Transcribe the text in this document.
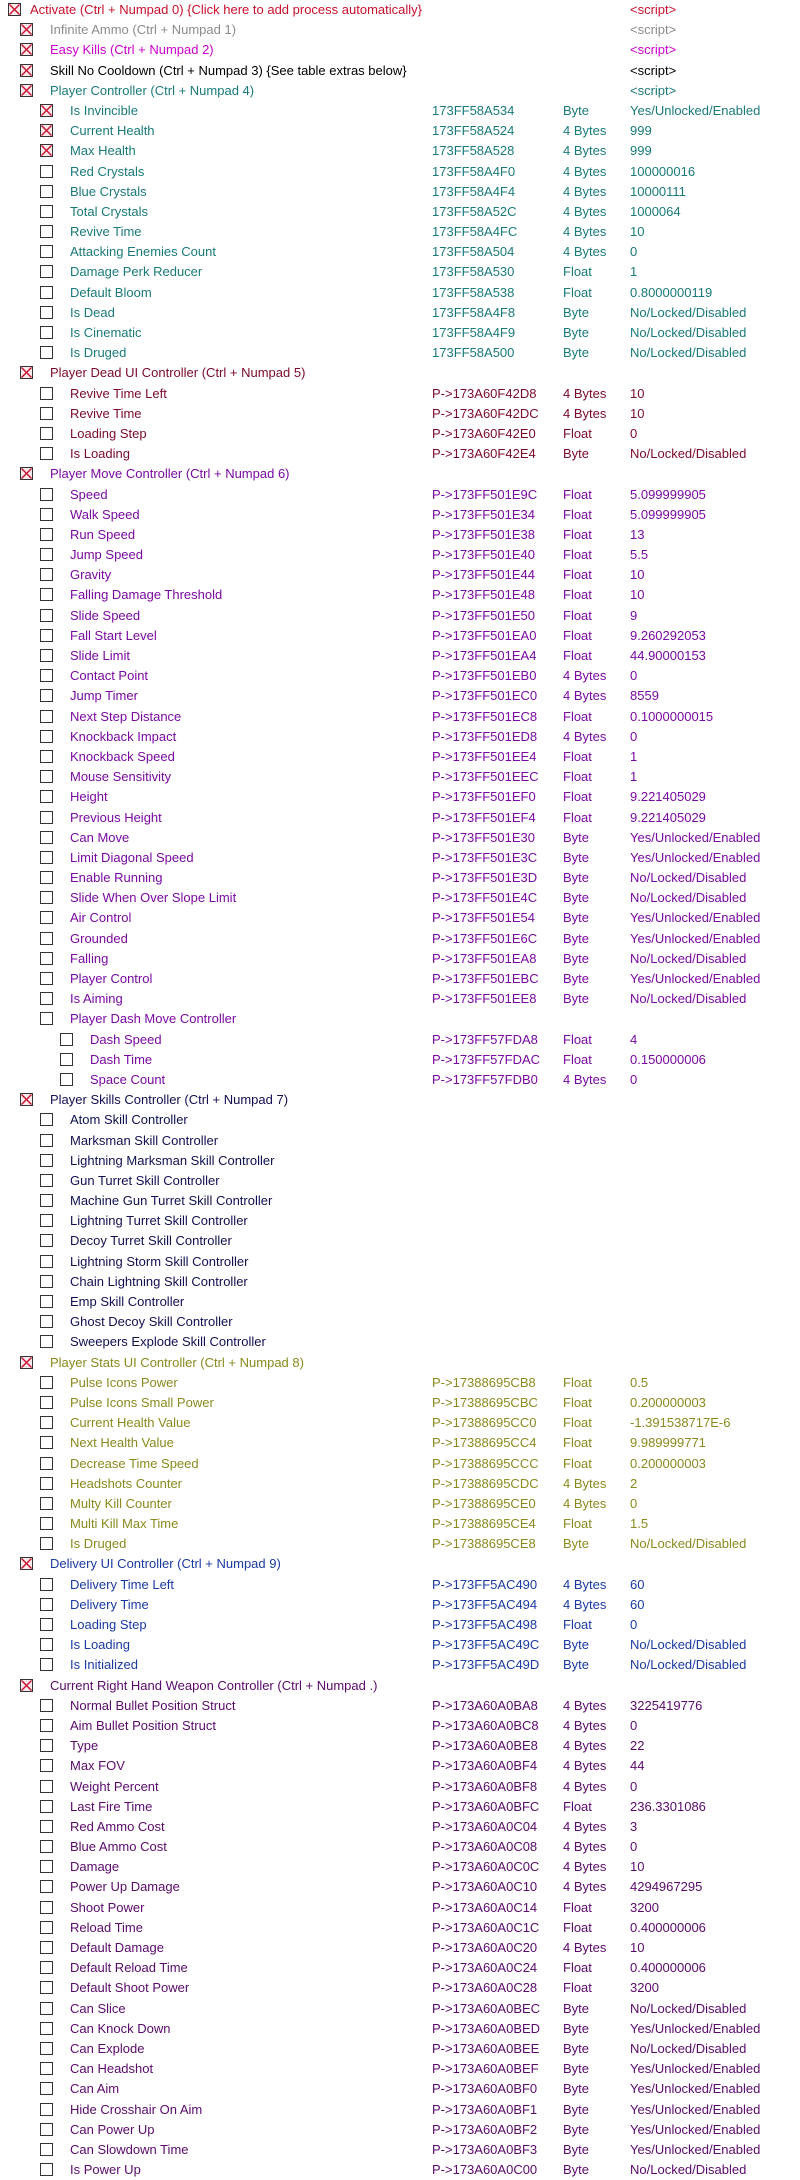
Activate (Ctrl + Numpad 0) {Click here to add process automatically}	<script>
Infinite Ammo (Ctrl + Numpad 1)	<script>
Easy Kills (Ctrl + Numpad 2)	<script>
Skill No Cooldown (Ctrl + Numpad 3) {See table extras below}	<script>
Player Controller (Ctrl + Numpad 4)	<script>
Is Invincible	173FF58A534	Byte	Yes/Unlocked/Enabled
Current Health	173FF58A524	4 Bytes 999
Max Health	173FF58A528	4 Bytes 999
Red Crystals	173FF58A4F0	4 Bytes 100000016
Blue Crystals	173FF58A4F4	4 Bytes 10000111
Total Crystals	173FF58A52C	4 Bytes 1000064
Revive Time	173FF58A4FC	4 Bytes 10
Attacking Enemies Count	173FF58A504	4 Bytes 0
Damage Perk Reducer	173FF58A530	Float	1
Default Bloom	173FF58A538	Float	0.8000000119
Is Dead	173FF58A4F8	Byte	No/Locked/Disabled
Is Cinematic	173FF58A4F9	Byte	No/Locked/Disabled
Is Druged	173FF58A500	Byte	No/Locked/Disabled
Player Dead UI Controller (Ctrl + Numpad 5)
Revive Time Left	P->173A60F42D8 4 Bytes 10
Revive Time	P->173A60F42DC 4 Bytes 10
Loading Step	P->173A60F42E0 Float	0
Is Loading	P->173A60F42E4 Byte	No/Locked/Disabled
Player Move Controller (Ctrl + Numpad 6)
Speed	P->173FF501E9C Float	5.099999905
Walk Speed	P->173FF501E34 Float	5.099999905
Run Speed	P->173FF501E38 Float	13
Jump Speed	P->173FF501E40 Float	5.5
Gravity	P->173FF501E44 Float	10
Falling Damage Threshold	P->173FF501E48 Float	10
Slide Speed	P->173FF501E50 Float	9
Fall Start Level	P->173FF501EA0 Float	9.260292053
Slide Limit	P->173FF501EA4 Float	44.90000153
Contact Point	P->173FF501EB0 4 Bytes 0
Jump Timer	P->173FF501EC0 4 Bytes 8559
Next Step Distance	P->173FF501EC8 Float	0.1000000015
Knockback Impact	P->173FF501ED8 4 Bytes 0
Knockback Speed	P->173FF501EE4 Float	1
Mouse Sensitivity	P->173FF501EEC Float	1
Height	P->173FF501EF0 Float	9.221405029
Previous Height	P->173FF501EF4 Float	9.221405029
Can Move	P->173FF501E30 Byte	Yes/Unlocked/Enabled
Limit Diagonal Speed	P->173FF501E3C Byte	Yes/Unlocked/Enabled
Enable Running	P->173FF501E3D Byte	No/Locked/Disabled
Slide When Over Slope Limit	P->173FF501E4C Byte	No/Locked/Disabled
Air Control	P->173FF501E54 Byte	Yes/Unlocked/Enabled
Grounded	P->173FF501E6C Byte	Yes/Unlocked/Enabled
Falling	P->173FF501EA8 Byte	No/Locked/Disabled
Player Control	P->173FF501EBC Byte	Yes/Unlocked/Enabled
Is Aiming	P->173FF501EE8 Byte	No/Locked/Disabled
Player Dash Move Controller
Dash Speed	P->173FF57FDA8 Float	4
Dash Time	P->173FF57FDAC Float	0.150000006
Space Count	P->173FF57FDB0 4 Bytes 0
Player Skills Controller (Ctrl + Numpad 7)
Atom Skill Controller
Marksman Skill Controller
Lightning Marksman Skill Controller
Gun Turret Skill Controller
Machine Gun Turret Skill Controller
Lightning Turret Skill Controller
Decoy Turret Skill Controller
Lightning Storm Skill Controller
Chain Lightning Skill Controller
Emp Skill Controller
Ghost Decoy Skill Controller
Sweepers Explode Skill Controller
Player Stats UI Controller (Ctrl + Numpad 8)
Pulse Icons Power	P->17388695CB8 Float	0.5
Pulse Icons Small Power	P->17388695CBC Float	0.200000003
Current Health Value	P->17388695CC0 Float	-1.391538717E-6
Next Health Value	P->17388695CC4 Float	9.989999771
Decrease Time Speed	P->17388695CCC Float	0.200000003
Headshots Counter	P->17388695CDC 4 Bytes 2
Multy Kill Counter	P->17388695CE0 4 Bytes 0
Multi Kill Max Time	P->17388695CE4 Float	1.5
Is Druged	P->17388695CE8 Byte	No/Locked/Disabled
Delivery UI Controller (Ctrl + Numpad 9)
Delivery Time Left	P->173FF5AC490 4 Bytes 60
Delivery Time	P->173FF5AC494 4 Bytes 60
Loading Step	P->173FF5AC498 Float	0
Is Loading	P->173FF5AC49C Byte	No/Locked/Disabled
Is Initialized	P->173FF5AC49D Byte	No/Locked/Disabled
Current Right Hand Weapon Controller (Ctrl + Numpad .)
Normal Bullet Position Struct	P->173A60A0BA8 4 Bytes 3225419776
Aim Bullet Position Struct	P->173A60A0BC8 4 Bytes 0
Type	P->173A60A0BE8 4 Bytes 22
Max FOV	P->173A60A0BF4 4 Bytes 44
Weight Percent	P->173A60A0BF8 4 Bytes 0
Last Fire Time	P->173A60A0BFC Float	236.3301086
Red Ammo Cost	P->173A60A0C04 4 Bytes 3
Blue Ammo Cost	P->173A60A0C08 4 Bytes 0
Damage	P->173A60A0C0C 4 Bytes 10
Power Up Damage	P->173A60A0C10 4 Bytes 4294967295
Shoot Power	P->173A60A0C14 Float	3200
Reload Time	P->173A60A0C1C Float	0.400000006
Default Damage	P->173A60A0C20 4 Bytes 10
Default Reload Time	P->173A60A0C24 Float	0.400000006
Default Shoot Power	P->173A60A0C28 Float	3200
Can Slice	P->173A60A0BEC Byte	No/Locked/Disabled
Can Knock Down	P->173A60A0BED Byte	Yes/Unlocked/Enabled
Can Explode	P->173A60A0BEE Byte	No/Locked/Disabled
Can Headshot	P->173A60A0BEF Byte	Yes/Unlocked/Enabled
Can Aim	P->173A60A0BF0 Byte	Yes/Unlocked/Enabled
Hide Crosshair On Aim	P->173A60A0BF1 Byte	Yes/Unlocked/Enabled
Can Power Up	P->173A60A0BF2 Byte	Yes/Unlocked/Enabled
Can Slowdown Time	P->173A60A0BF3 Byte	Yes/Unlocked/Enabled
Is Power Up	P->173A60A0C00 Byte	No/Locked/Disabled
